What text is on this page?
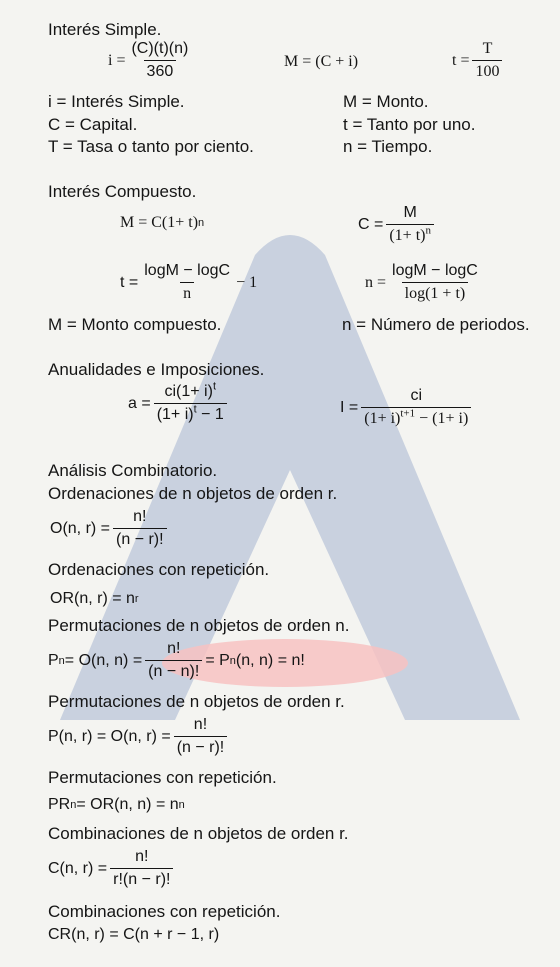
Interés Simple.
$i = \frac{(C)(t)(n)}{360}$	M = (C + i)	$t = \frac{T}{100}$
i = Interés Simple.	M = Monto.
C = Capital.	t = Tanto por uno.
T = Tasa o tanto por ciento.	n = Tiempo.
Interés Compuesto.
M = C(1+ t) n	$C = \frac{M}{(1+ t)^n}$
$t = \frac{\log M - \log C}{n} - 1$	$n = \frac{\log M - \log C}{\log(1 + t)}$
M = Monto compuesto.	n = Número de periodos.
Anualidades e Imposiciones.
$a = \frac{ci(1+ i)^t}{(1+ i)^t - 1}$	$I = \frac{ci}{(1+ i)^{t+1} - (1+ i)}$
Análisis Combinatorio.
Ordenaciones de n objetos de orden r.
O(n, $r) = \frac{n!}{(n - r)!}$
Ordenaciones con repetición.
OR(n, r) = n r
Permutaciones de n objetos de orden n.
P n = O(n, $n) = \frac{n!}{(n - n)!} = P$ n (n, n) = n!
Permutaciones de n objetos de orden r.
P(n, r) = O(n, $r) = \frac{n!}{(n - r)!}$
Permutaciones con repetición.
PR n = OR(n, n) = n n
Combinaciones de n objetos de orden r.
C(n, $r) = \frac{n!}{r!(n - r)!}$
Combinaciones con repetición.
CR(n, r) = C(n + r − 1, r)
